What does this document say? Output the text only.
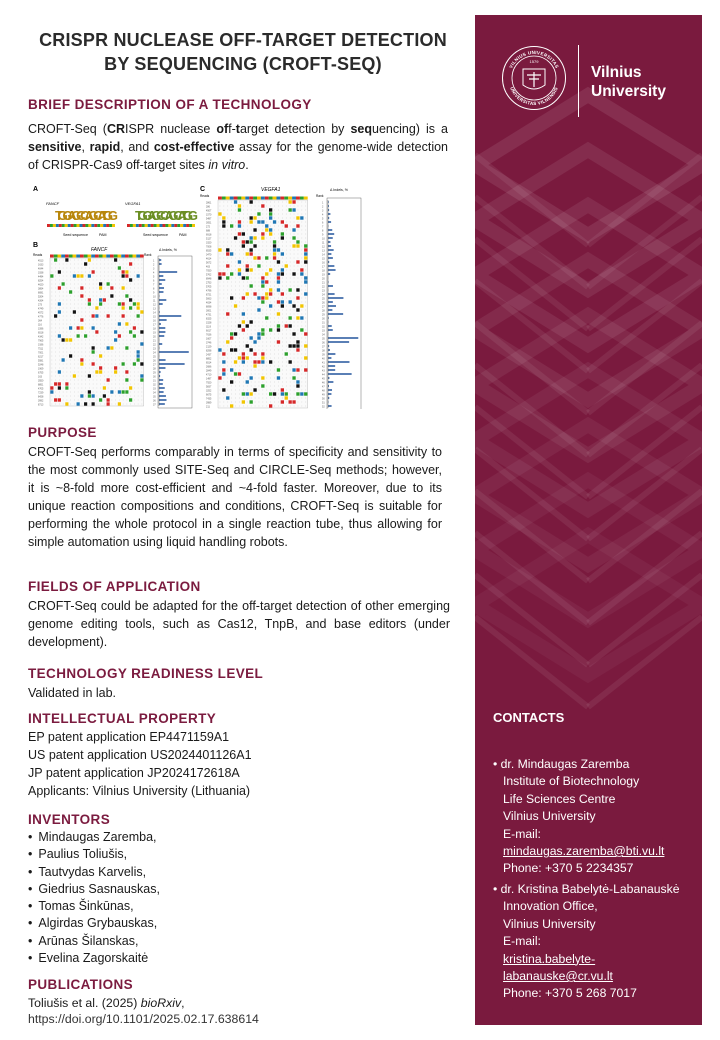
CRISPR NUCLEASE OFF-TARGET DETECTION BY SEQUENCING (CROFT-SEQ)
BRIEF DESCRIPTION OF A TECHNOLOGY
CROFT-Seq (CRISPR nuclease off-target detection by sequencing) is a sensitive, rapid, and cost-effective assay for the genome-wide detection of CRISPR-Cas9 off-target sites in vitro.
A
B
C
FANCF	VEGFA1
TGGAGCCAGCATGG TGGAGCCAGCATGG
Seed sequence	PAM	Seed sequence	PAM
FANCF	Δ Indels, %
Reads	Rank
4513	1
1633	2
4044	3
3338	4
4494	5
8254	6
4620	7
3854	8
8081	9
5204	10
4264	11
273	12
4749	13
4572	14
4776	15
364	16
116	17
1596	18
6518	19
4342	20
7965	21
3196	22
7511	23
7001	24
6217	25
5581	26
5248	27
1969	28
6755	29
163	30
3550	31
8851	32
4705	33
7239	34
8428	35
3992	36
8713	37
VEGFA1	Δ Indels, %
Reads	Rank
2861	1
286	2
4507	3
1570	4
5487	5
3051	6
272	7
688	8
6918	9
5127	10
3320	11
7008	12
8535	13
3470	14
4614	15
5672	16
403	17
7050	18
5762	19
8948	20
2753	21
5705	22
4796	23
8721	24
5063	25
4034	26
8098	27
3001	28
4731	29
8325	30
1528	31
1119	32
6017	33
7636	34
1607	35
3746	36
2129	37
8298	38
2437	39
8852	40
6514	41
2686	42
2849	43
4710	44
1487	45
7920	46
5837	47
3252	48
6675	49
7435	50
3989	51
211	52
PURPOSE
CROFT-Seq performs comparably in terms of specificity and sensitivity to the most commonly used SITE-Seq and CIRCLE-Seq methods; however, it is ~8-fold more cost-efficient and ~4-fold faster. Moreover, due to its unique reaction compositions and conditions, CROFT-Seq is suitable for performing the whole protocol in a single reaction tube, thus allowing for simple automation using liquid handling robots.
FIELDS OF APPLICATION
CROFT-Seq could be adapted for the off-target detection of other emerging genome editing tools, such as Cas12, TnpB, and base editors (under development).
TECHNOLOGY READINESS LEVEL
Validated in lab.
INTELLECTUAL PROPERTY
EP patent application EP4471159A1
US patent application US2024401126A1
JP patent application JP2024172618A
Applicants: Vilnius University (Lithuania)
INVENTORS
• Mindaugas Zaremba,
• Paulius Toliušis,
• Tautvydas Karvelis,
• Giedrius Sasnauskas,
• Tomas Šinkūnas,
• Algirdas Grybauskas,
• Arūnas Šilanskas,
• Evelina Zagorskaitė
PUBLICATIONS
Toliušis et al. (2025) bioRxiv,
https://doi.org/10.1101/2025.02.17.638614
VILNIUS UNIVERSITAS
UNIVERSITAS VILNENSIS
1579
Vilnius
University
CONTACTS
• dr. Mindaugas Zaremba
Institute of Biotechnology
Life Sciences Centre
Vilnius University
E-mail:
mindaugas.zaremba@bti.vu.lt
Phone: +370 5 2234357
• dr. Kristina Babelytė-Labanauskė
Innovation Office,
Vilnius University
E-mail:
kristina.babelyte-
labanauske@cr.vu.lt
Phone: +370 5 268 7017
